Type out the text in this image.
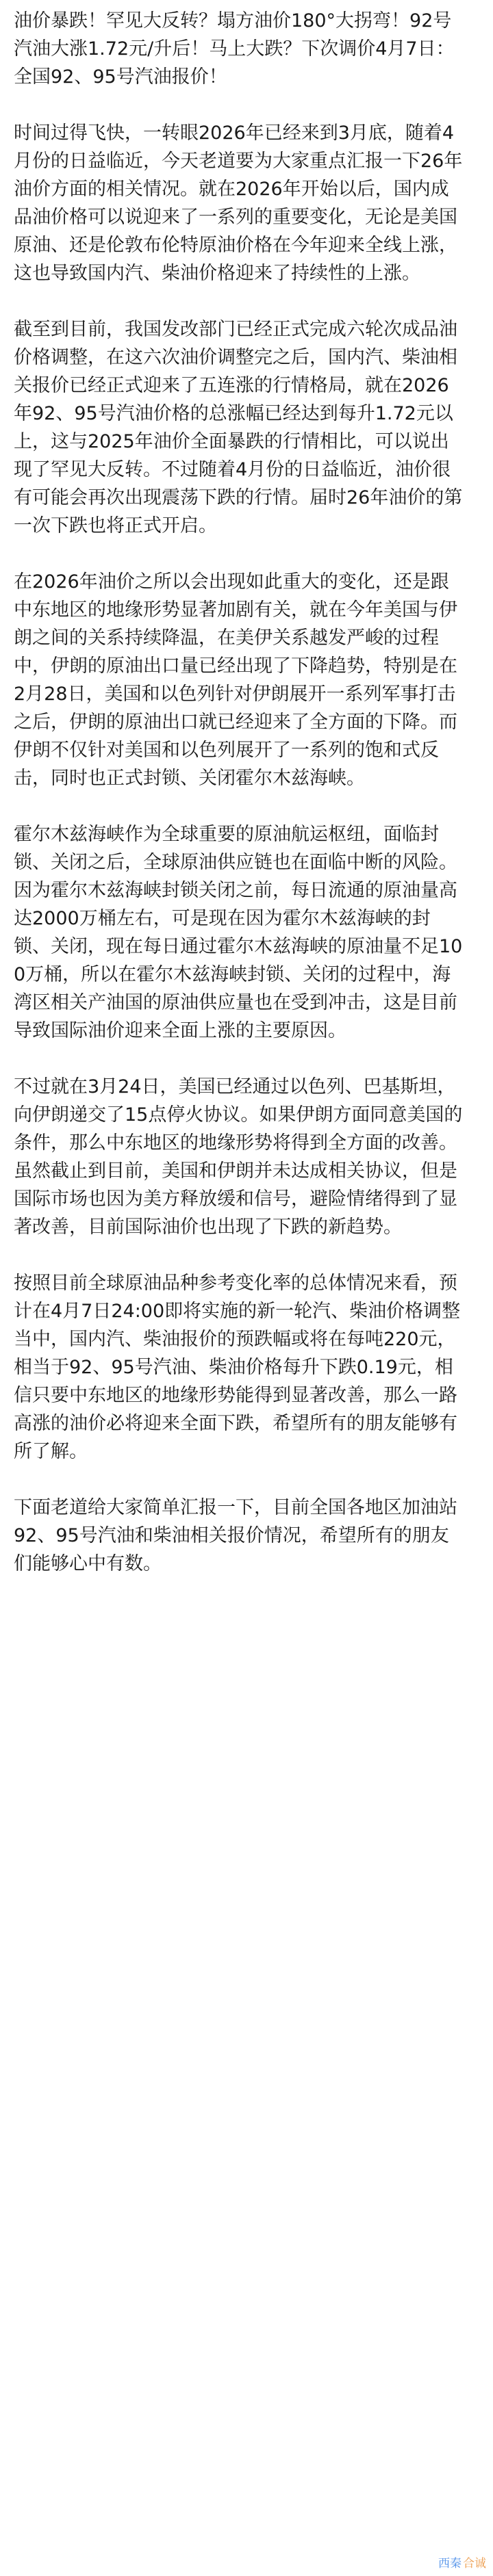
油价暴跌！罕见大反转？塌方油价180°大拐弯！92号汽油大涨1.72元/升后！马上大跌？下次调价4月7日：全国92、95号汽油报价！

时间过得飞快，一转眼2026年已经来到3月底，随着4月份的日益临近，今天老道要为大家重点汇报一下26年油价方面的相关情况。就在2026年开始以后，国内成品油价格可以说迎来了一系列的重要变化，无论是美国原油、还是伦敦布伦特原油价格在今年迎来全线上涨，这也导致国内汽、柴油价格迎来了持续性的上涨。

截至到目前，我国发改部门已经正式完成六轮次成品油价格调整，在这六次油价调整完之后，国内汽、柴油相关报价已经正式迎来了五连涨的行情格局，就在2026年92、95号汽油价格的总涨幅已经达到每升1.72元以上，这与2025年油价全面暴跌的行情相比，可以说出现了罕见大反转。不过随着4月份的日益临近，油价很有可能会再次出现震荡下跌的行情。届时26年油价的第一次下跌也将正式开启。

在2026年油价之所以会出现如此重大的变化，还是跟中东地区的地缘形势显著加剧有关，就在今年美国与伊朗之间的关系持续降温，在美伊关系越发严峻的过程中，伊朗的原油出口量已经出现了下降趋势，特别是在2月28日，美国和以色列针对伊朗展开一系列军事打击之后，伊朗的原油出口就已经迎来了全方面的下降。而伊朗不仅针对美国和以色列展开了一系列的饱和式反击，同时也正式封锁、关闭霍尔木兹海峡。

霍尔木兹海峡作为全球重要的原油航运枢纽，面临封锁、关闭之后，全球原油供应链也在面临中断的风险。因为霍尔木兹海峡封锁关闭之前，每日流通的原油量高达2000万桶左右，可是现在因为霍尔木兹海峡的封锁、关闭，现在每日通过霍尔木兹海峡的原油量不足100万桶，所以在霍尔木兹海峡封锁、关闭的过程中，海湾区相关产油国的原油供应量也在受到冲击，这是目前导致国际油价迎来全面上涨的主要原因。

不过就在3月24日，美国已经通过以色列、巴基斯坦，向伊朗递交了15点停火协议。如果伊朗方面同意美国的条件，那么中东地区的地缘形势将得到全方面的改善。虽然截止到目前，美国和伊朗并未达成相关协议，但是国际市场也因为美方释放缓和信号，避险情绪得到了显著改善，目前国际油价也出现了下跌的新趋势。

按照目前全球原油品种参考变化率的总体情况来看，预计在4月7日24:00即将实施的新一轮汽、柴油价格调整当中，国内汽、柴油报价的预跌幅或将在每吨220元，相当于92、95号汽油、柴油价格每升下跌0.19元，相信只要中东地区的地缘形势能得到显著改善，那么一路高涨的油价必将迎来全面下跌，希望所有的朋友能够有所了解。

下面老道给大家简单汇报一下，目前全国各地区加油站92、95号汽油和柴油相关报价情况，希望所有的朋友们能够心中有数。

西秦 合诚
